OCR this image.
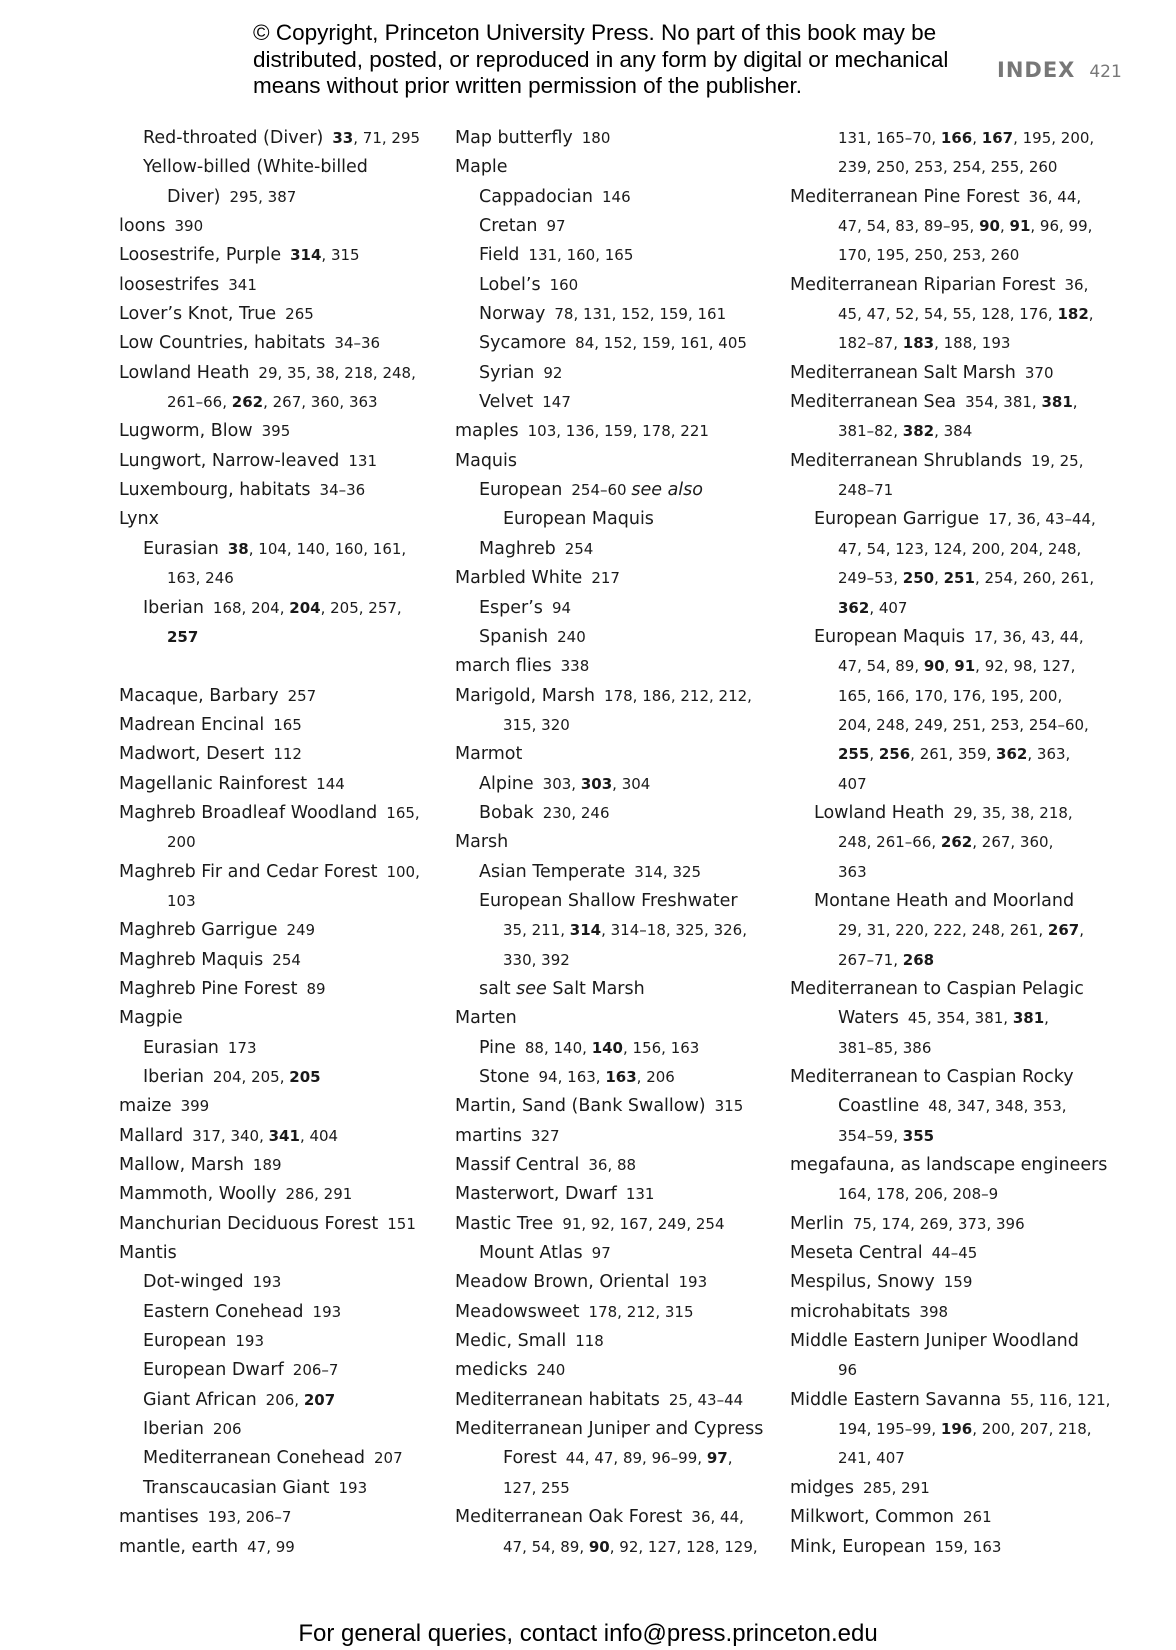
© Copyright, Princeton University Press. No part of this book may be
distributed, posted, or reproduced in any form by digital or mechanical
means without prior written permission of the publisher.
INDEX 421
Red-throated (Diver) 33, 71, 295
Yellow-billed (White-billed
Diver) 295, 387
loons 390
Loosestrife, Purple 314, 315
loosestrifes 341
Lover’s Knot, True 265
Low Countries, habitats 34–36
Lowland Heath 29, 35, 38, 218, 248,
261–66, 262, 267, 360, 363
Lugworm, Blow 395
Lungwort, Narrow-leaved 131
Luxembourg, habitats 34–36
Lynx
Eurasian 38, 104, 140, 160, 161,
163, 246
Iberian 168, 204, 204, 205, 257,
257
Macaque, Barbary 257
Madrean Encinal 165
Madwort, Desert 112
Magellanic Rainforest 144
Maghreb Broadleaf Woodland 165,
200
Maghreb Fir and Cedar Forest 100,
103
Maghreb Garrigue 249
Maghreb Maquis 254
Maghreb Pine Forest 89
Magpie
Eurasian 173
Iberian 204, 205, 205
maize 399
Mallard 317, 340, 341, 404
Mallow, Marsh 189
Mammoth, Woolly 286, 291
Manchurian Deciduous Forest 151
Mantis
Dot-winged 193
Eastern Conehead 193
European 193
European Dwarf 206–7
Giant African 206, 207
Iberian 206
Mediterranean Conehead 207
Transcaucasian Giant 193
mantises 193, 206–7
mantle, earth 47, 99
Map butterfly 180
Maple
Cappadocian 146
Cretan 97
Field 131, 160, 165
Lobel’s 160
Norway 78, 131, 152, 159, 161
Sycamore 84, 152, 159, 161, 405
Syrian 92
Velvet 147
maples 103, 136, 159, 178, 221
Maquis
European 254–60 see also
European Maquis
Maghreb 254
Marbled White 217
Esper’s 94
Spanish 240
march flies 338
Marigold, Marsh 178, 186, 212, 212,
315, 320
Marmot
Alpine 303, 303, 304
Bobak 230, 246
Marsh
Asian Temperate 314, 325
European Shallow Freshwater
35, 211, 314, 314–18, 325, 326,
330, 392
salt see Salt Marsh
Marten
Pine 88, 140, 140, 156, 163
Stone 94, 163, 163, 206
Martin, Sand (Bank Swallow) 315
martins 327
Massif Central 36, 88
Masterwort, Dwarf 131
Mastic Tree 91, 92, 167, 249, 254
Mount Atlas 97
Meadow Brown, Oriental 193
Meadowsweet 178, 212, 315
Medic, Small 118
medicks 240
Mediterranean habitats 25, 43–44
Mediterranean Juniper and Cypress
Forest 44, 47, 89, 96–99, 97,
127, 255
Mediterranean Oak Forest 36, 44,
47, 54, 89, 90, 92, 127, 128, 129,
131, 165–70, 166, 167, 195, 200,
239, 250, 253, 254, 255, 260
Mediterranean Pine Forest 36, 44,
47, 54, 83, 89–95, 90, 91, 96, 99,
170, 195, 250, 253, 260
Mediterranean Riparian Forest 36,
45, 47, 52, 54, 55, 128, 176, 182,
182–87, 183, 188, 193
Mediterranean Salt Marsh 370
Mediterranean Sea 354, 381, 381,
381–82, 382, 384
Mediterranean Shrublands 19, 25,
248–71
European Garrigue 17, 36, 43–44,
47, 54, 123, 124, 200, 204, 248,
249–53, 250, 251, 254, 260, 261,
362, 407
European Maquis 17, 36, 43, 44,
47, 54, 89, 90, 91, 92, 98, 127,
165, 166, 170, 176, 195, 200,
204, 248, 249, 251, 253, 254–60,
255, 256, 261, 359, 362, 363,
407
Lowland Heath 29, 35, 38, 218,
248, 261–66, 262, 267, 360,
363
Montane Heath and Moorland
29, 31, 220, 222, 248, 261, 267,
267–71, 268
Mediterranean to Caspian Pelagic
Waters 45, 354, 381, 381,
381–85, 386
Mediterranean to Caspian Rocky
Coastline 48, 347, 348, 353,
354–59, 355
megafauna, as landscape engineers
164, 178, 206, 208–9
Merlin 75, 174, 269, 373, 396
Meseta Central 44–45
Mespilus, Snowy 159
microhabitats 398
Middle Eastern Juniper Woodland
96
Middle Eastern Savanna 55, 116, 121,
194, 195–99, 196, 200, 207, 218,
241, 407
midges 285, 291
Milkwort, Common 261
Mink, European 159, 163
For general queries, contact info@press.princeton.edu
